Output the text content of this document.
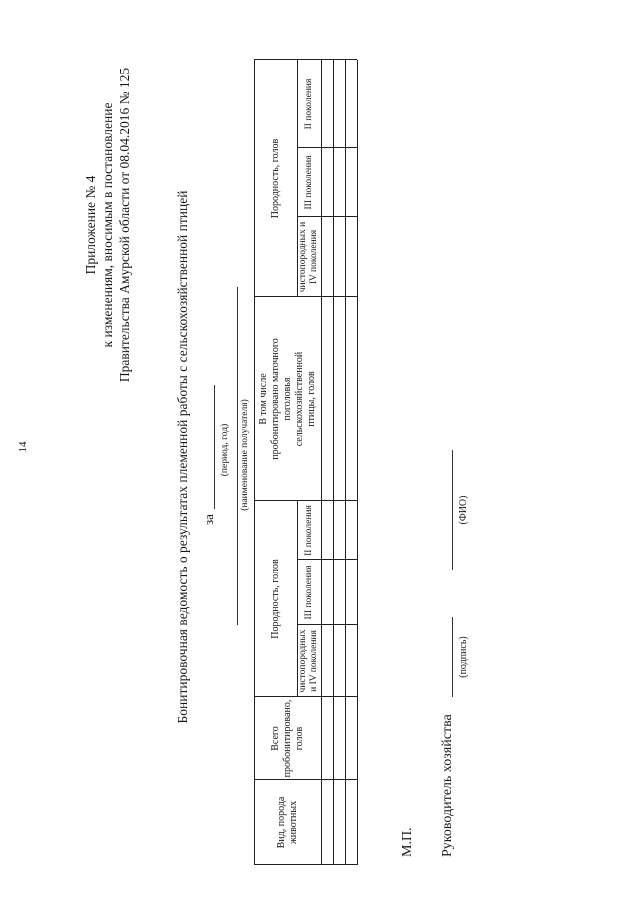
14
Приложение № 4 к изменениям, вносимым в постановление Правительства Амурской области от 08.04.2016 № 125	Бонитировочная ведомость о результатах племенной работы с сельскохозяйственной птицей за
(период, год) (наименование получателя)
Вид, порода животных
Всего пробонитировано, голов
Породность, голов
чистопородных и IV поколения
III поколения
II поколения
В том числе пробонитировано маточного поголовья сельскохозяйственной птицы, голов
Породность, голов
чистопородных и IV поколения
III поколения
II поколения
М.П. Руководитель хозяйства
(подпись)
(ФИО)
